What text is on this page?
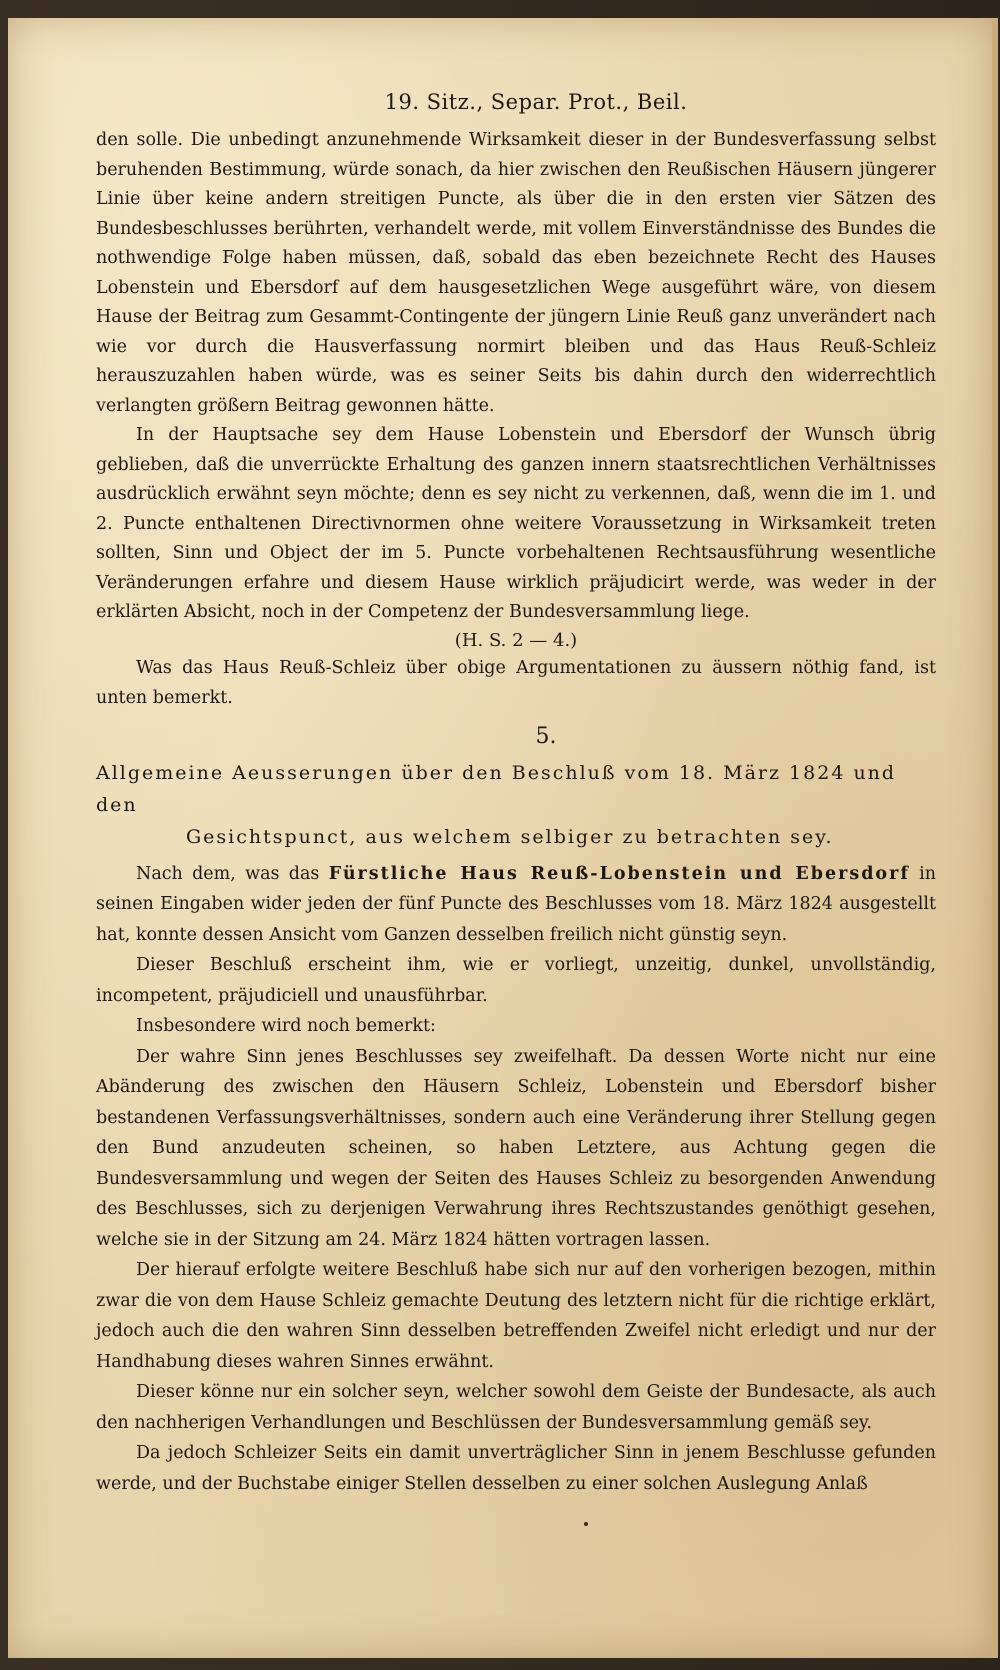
19. Sitz., Separ. Prot., Beil.

den solle. Die unbedingt anzunehmende Wirksamkeit dieser in der Bundesverfassung selbst beruhenden Bestimmung, würde sonach, da hier zwischen den Reußischen Häusern jüngerer Linie über keine andern streitigen Puncte, als über die in den ersten vier Sätzen des Bundesbeschlusses berührten, verhandelt werde, mit vollem Einverständnisse des Bundes die nothwendige Folge haben müssen, daß, sobald das eben bezeichnete Recht des Hauses Lobenstein und Ebersdorf auf dem hausgesetzlichen Wege ausgeführt wäre, von diesem Hause der Beitrag zum Gesammt-Contingente der jüngern Linie Reuß ganz unverändert nach wie vor durch die Hausverfassung normirt bleiben und das Haus Reuß-Schleiz herauszuzahlen haben würde, was es seiner Seits bis dahin durch den widerrechtlich verlangten größern Beitrag gewonnen hätte.

In der Hauptsache sey dem Hause Lobenstein und Ebersdorf der Wunsch übrig geblieben, daß die unverrückte Erhaltung des ganzen innern staatsrechtlichen Verhältnisses ausdrücklich erwähnt seyn möchte; denn es sey nicht zu verkennen, daß, wenn die im 1. und 2. Puncte enthaltenen Directivnormen ohne weitere Voraussetzung in Wirksamkeit treten sollten, Sinn und Object der im 5. Puncte vorbehaltenen Rechtsausführung wesentliche Veränderungen erfahre und diesem Hause wirklich präjudicirt werde, was weder in der erklärten Absicht, noch in der Competenz der Bundesversammlung liege.

(H. S. 2 — 4.)

Was das Haus Reuß-Schleiz über obige Argumentationen zu äussern nöthig fand, ist unten bemerkt.

5.
Allgemeine Aeusserungen über den Beschluß vom 18. März 1824 und den
Gesichtspunct, aus welchem selbiger zu betrachten sey.

Nach dem, was das Fürstliche Haus Reuß-Lobenstein und Ebersdorf in seinen Eingaben wider jeden der fünf Puncte des Beschlusses vom 18. März 1824 ausgestellt hat, konnte dessen Ansicht vom Ganzen desselben freilich nicht günstig seyn.

Dieser Beschluß erscheint ihm, wie er vorliegt, unzeitig, dunkel, unvollständig, incompetent, präjudiciell und unausführbar.

Insbesondere wird noch bemerkt:

Der wahre Sinn jenes Beschlusses sey zweifelhaft. Da dessen Worte nicht nur eine Abänderung des zwischen den Häusern Schleiz, Lobenstein und Ebersdorf bisher bestandenen Verfassungsverhältnisses, sondern auch eine Veränderung ihrer Stellung gegen den Bund anzudeuten scheinen, so haben Letztere, aus Achtung gegen die Bundesversammlung und wegen der Seiten des Hauses Schleiz zu besorgenden Anwendung des Beschlusses, sich zu derjenigen Verwahrung ihres Rechtszustandes genöthigt gesehen, welche sie in der Sitzung am 24. März 1824 hätten vortragen lassen.

Der hierauf erfolgte weitere Beschluß habe sich nur auf den vorherigen bezogen, mithin zwar die von dem Hause Schleiz gemachte Deutung des letztern nicht für die richtige erklärt, jedoch auch die den wahren Sinn desselben betreffenden Zweifel nicht erledigt und nur der Handhabung dieses wahren Sinnes erwähnt.

Dieser könne nur ein solcher seyn, welcher sowohl dem Geiste der Bundesacte, als auch den nachherigen Verhandlungen und Beschlüssen der Bundesversammlung gemäß sey.

Da jedoch Schleizer Seits ein damit unverträglicher Sinn in jenem Beschlusse gefunden werde, und der Buchstabe einiger Stellen desselben zu einer solchen Auslegung Anlaß
